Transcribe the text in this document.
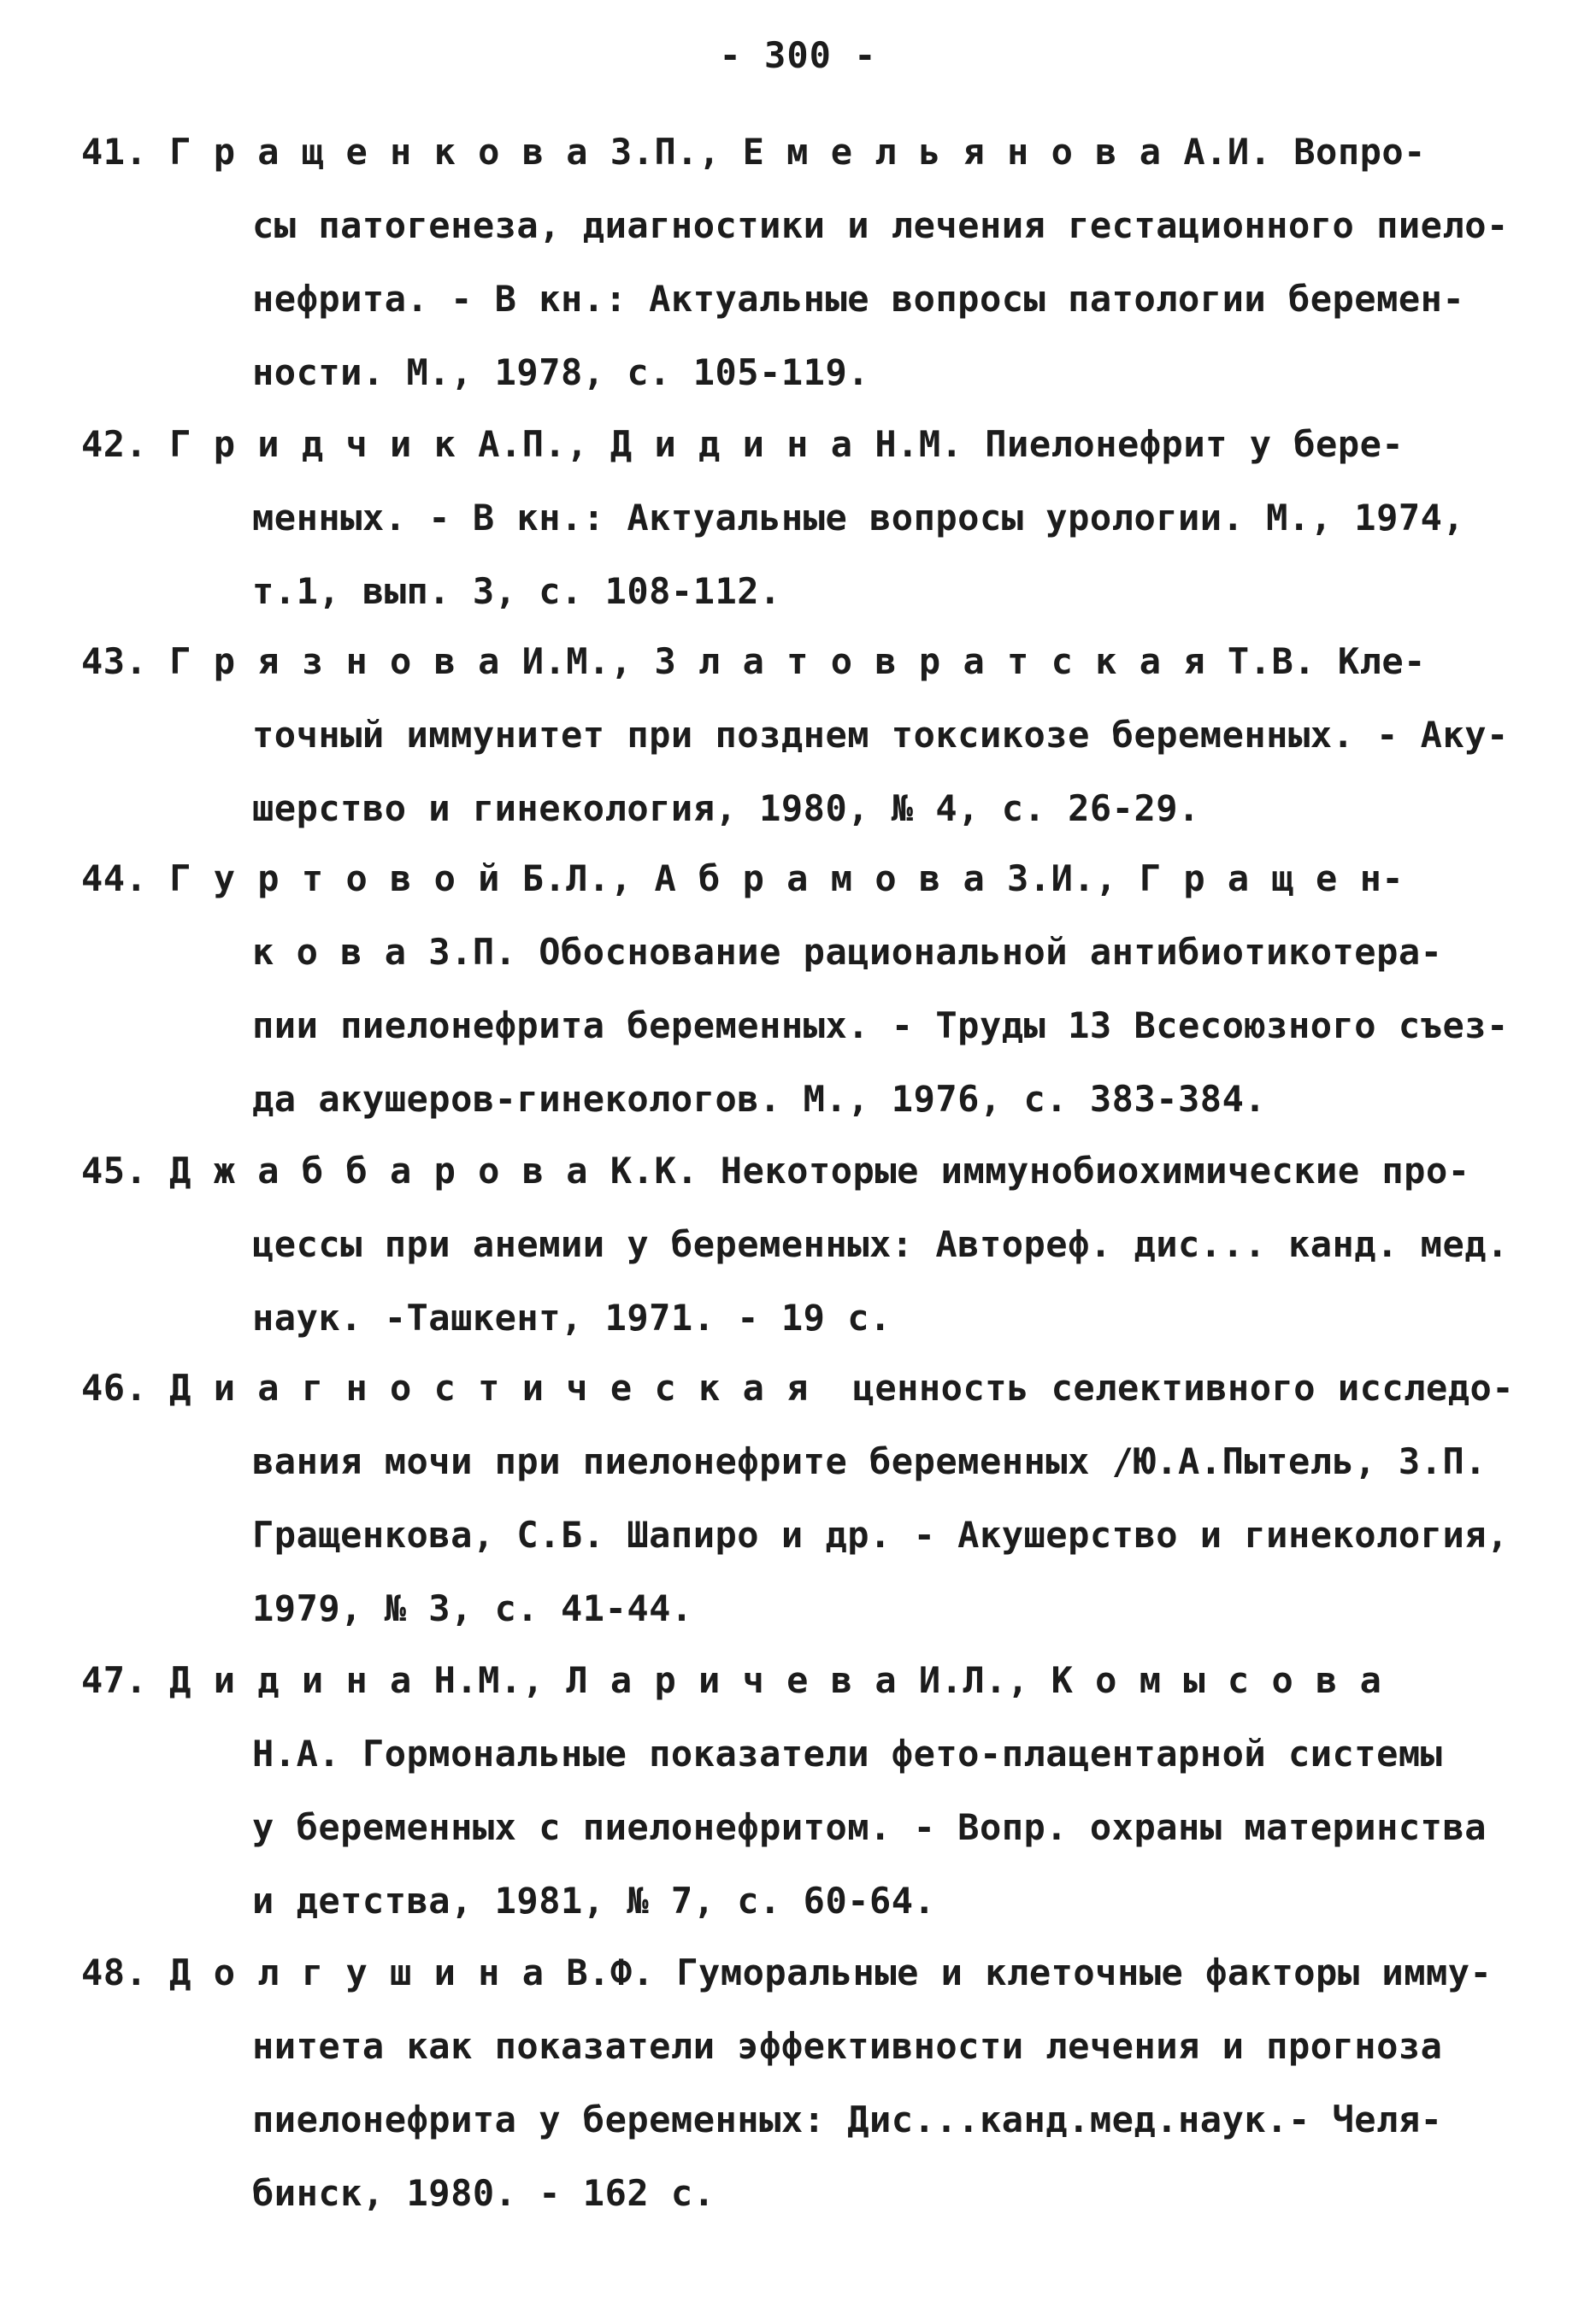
- 300 -
41. Г р а щ е н к о в а З.П., Е м е л ь я н о в а А.И. Вопро-
сы патогенеза, диагностики и лечения гестационного пиело-
нефрита. - В кн.: Актуальные вопросы патологии беремен-
ности. М., 1978, с. 105-119.
42. Г р и д ч и к А.П., Д и д и н а Н.М. Пиелонефрит у бере-
менных. - В кн.: Актуальные вопросы урологии. М., 1974,
т.1, вып. 3, с. 108-112.
43. Г р я з н о в а И.М., З л а т о в р а т с к а я Т.В. Кле-
точный иммунитет при позднем токсикозе беременных. - Аку-
шерство и гинекология, 1980, № 4, с. 26-29.
44. Г у р т о в о й Б.Л., А б р а м о в а З.И., Г р а щ е н-
к о в а З.П. Обоснование рациональной антибиотикотера-
пии пиелонефрита беременных. - Труды 13 Всесоюзного съез-
да акушеров-гинекологов. М., 1976, с. 383-384.
45. Д ж а б б а р о в а К.К. Некоторые иммунобиохимические про-
цессы при анемии у беременных: Автореф. дис... канд. мед.
наук. -Ташкент, 1971. - 19 с.
46. Д и а г н о с т и ч е с к а я  ценность селективного исследо-
вания мочи при пиелонефрите беременных /Ю.А.Пытель, З.П.
Гращенкова, С.Б. Шапиро и др. - Акушерство и гинекология,
1979, № 3, с. 41-44.
47. Д и д и н а Н.М., Л а р и ч е в а И.Л., К о м ы с о в а
Н.А. Гормональные показатели фето-плацентарной системы
у беременных с пиелонефритом. - Вопр. охраны материнства
и детства, 1981, № 7, с. 60-64.
48. Д о л г у ш и н а В.Ф. Гуморальные и клеточные факторы имму-
нитета как показатели эффективности лечения и прогноза
пиелонефрита у беременных: Дис...канд.мед.наук.- Челя-
бинск, 1980. - 162 с.
